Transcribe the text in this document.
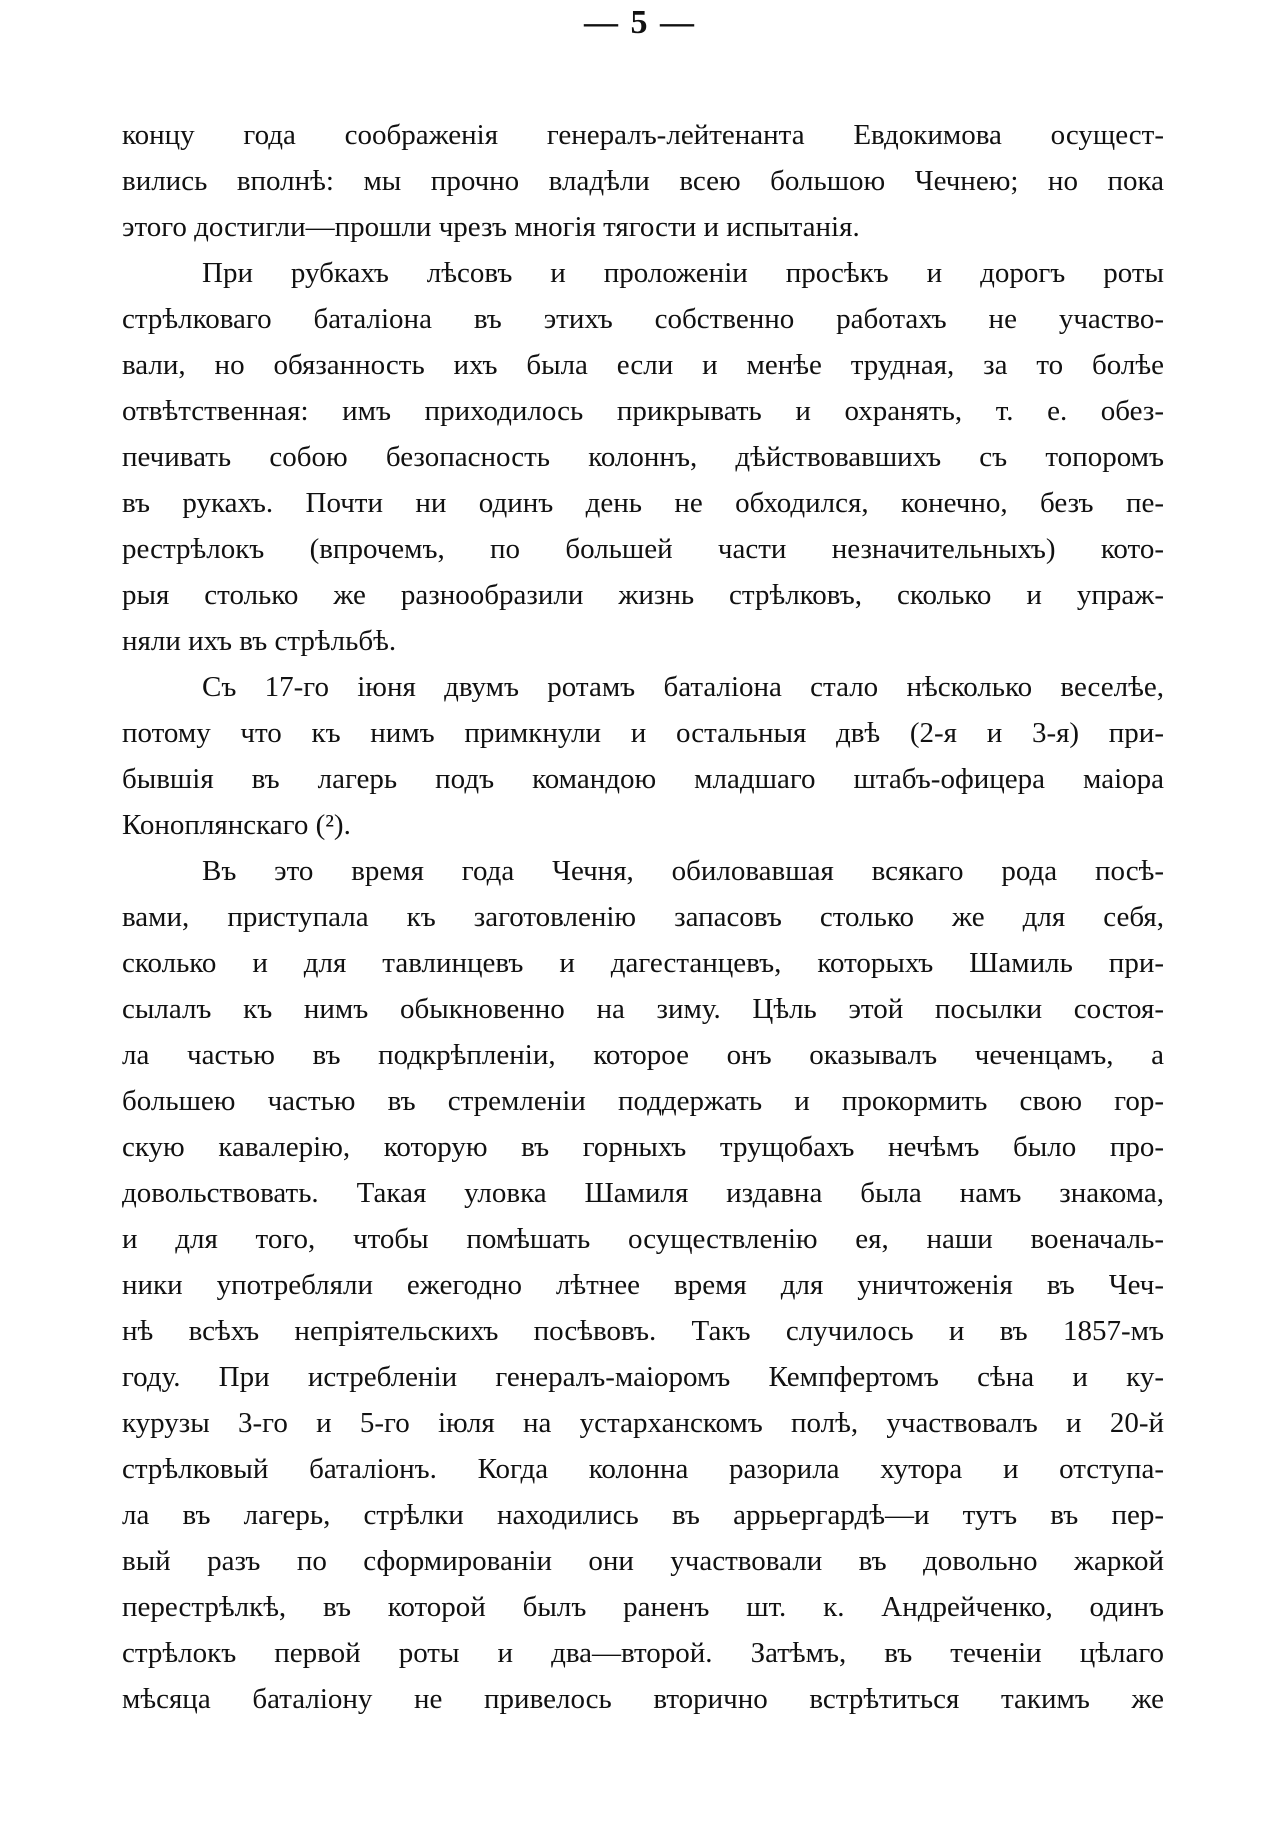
— 5 —
концу года соображенія генералъ-лейтенанта Евдокимова осущест-
вились вполнѣ: мы прочно владѣли всею большою Чечнею; но пока
этого достигли—прошли чрезъ многія тягости и испытанія.
При рубкахъ лѣсовъ и проложеніи просѣкъ и дорогъ роты
стрѣлковаго баталіона въ этихъ собственно работахъ не участво-
вали, но обязанность ихъ была если и менѣе трудная, за то болѣе
отвѣтственная: имъ приходилось прикрывать и охранять, т. е. обез-
печивать собою безопасность колоннъ, дѣйствовавшихъ съ топоромъ
въ рукахъ. Почти ни одинъ день не обходился, конечно, безъ пе-
рестрѣлокъ (впрочемъ, по большей части незначительныхъ) кото-
рыя столько же разнообразили жизнь стрѣлковъ, сколько и упраж-
няли ихъ въ стрѣльбѣ.
Съ 17-го іюня двумъ ротамъ баталіона стало нѣсколько веселѣе,
потому что къ нимъ примкнули и остальныя двѣ (2-я и 3-я) при-
бывшія въ лагерь подъ командою младшаго штабъ-офицера маіора
Коноплянскаго (²).
Въ это время года Чечня, обиловавшая всякаго рода посѣ-
вами, приступала къ заготовленію запасовъ столько же для себя,
сколько и для тавлинцевъ и дагестанцевъ, которыхъ Шамиль при-
сылалъ къ нимъ обыкновенно на зиму. Цѣль этой посылки состоя-
ла частью въ подкрѣпленіи, которое онъ оказывалъ чеченцамъ, а
большею частью въ стремленіи поддержать и прокормить свою гор-
скую кавалерію, которую въ горныхъ трущобахъ нечѣмъ было про-
довольствовать. Такая уловка Шамиля издавна была намъ знакома,
и для того, чтобы помѣшать осуществленію ея, наши военачаль-
ники употребляли ежегодно лѣтнее время для уничтоженія въ Чеч-
нѣ всѣхъ непріятельскихъ посѣвовъ. Такъ случилось и въ 1857-мъ
году. При истребленіи генералъ-маіоромъ Кемпфертомъ сѣна и ку-
курузы 3-го и 5-го іюля на устарханскомъ полѣ, участвовалъ и 20-й
стрѣлковый баталіонъ. Когда колонна разорила хутора и отступа-
ла въ лагерь, стрѣлки находились въ аррьергардѣ—и тутъ въ пер-
вый разъ по сформированіи они участвовали въ довольно жаркой
перестрѣлкѣ, въ которой былъ раненъ шт. к. Андрейченко, одинъ
стрѣлокъ первой роты и два—второй. Затѣмъ, въ теченіи цѣлаго
мѣсяца баталіону не привелось вторично встрѣтиться такимъ же
